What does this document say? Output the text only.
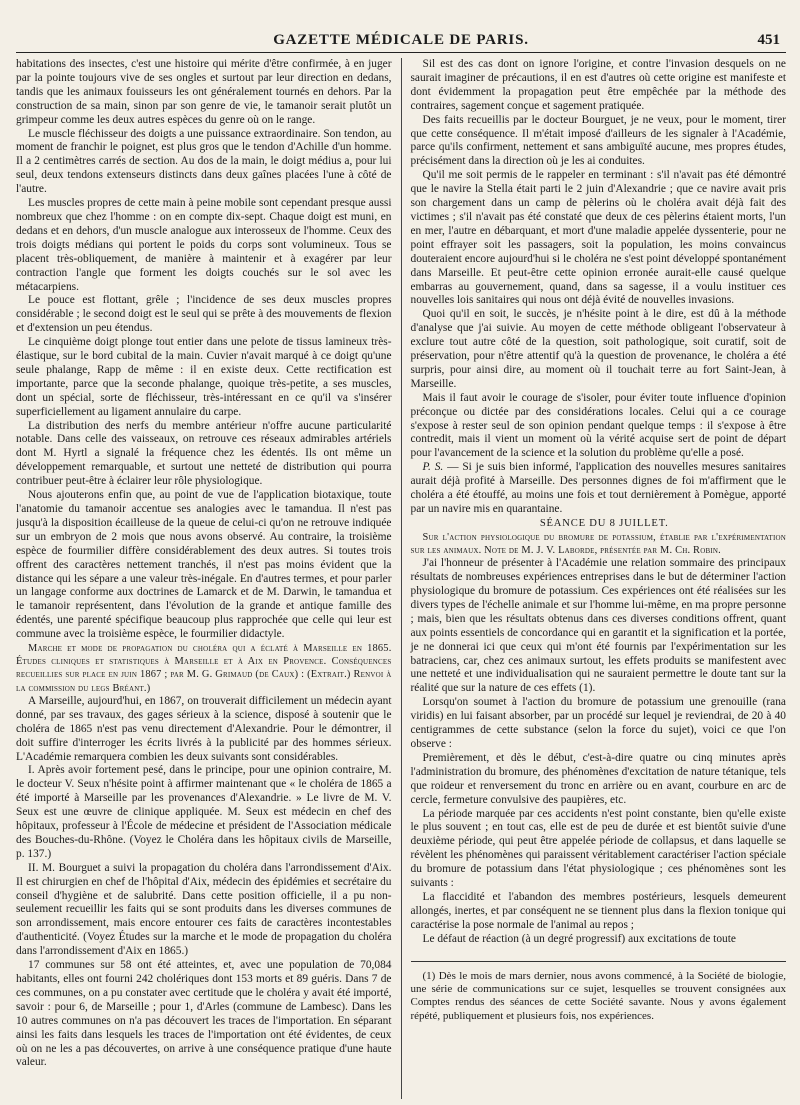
GAZETTE MÉDICALE DE PARIS.	451

habitations des insectes, c'est une histoire qui mérite d'être confirmée, à en juger par la pointe toujours vive de ses ongles et surtout par leur direction en dedans, tandis que les animaux fouisseurs les ont généralement tournés en dehors. Par la construction de sa main, sinon par son genre de vie, le tamanoir serait plutôt un grimpeur comme les deux autres espèces du genre où on le range.

Le muscle fléchisseur des doigts a une puissance extraordinaire. Son tendon, au moment de franchir le poignet, est plus gros que le tendon d'Achille d'un homme. Il a 2 centimètres carrés de section. Au dos de la main, le doigt médius a, pour lui seul, deux tendons extenseurs distincts dans deux gaînes placées l'une à côté de l'autre.

Les muscles propres de cette main à peine mobile sont cependant presque aussi nombreux que chez l'homme : on en compte dix-sept. Chaque doigt est muni, en dedans et en dehors, d'un muscle analogue aux interosseux de l'homme. Ceux des trois doigts médians qui portent le poids du corps sont volumineux. Tous se placent très-obliquement, de manière à maintenir et à exagérer par leur contraction l'angle que forment les doigts couchés sur le sol avec les métacarpiens.

Le pouce est flottant, grêle ; l'incidence de ses deux muscles propres considérable ; le second doigt est le seul qui se prête à des mouvements de flexion et d'extension un peu étendus.

Le cinquième doigt plonge tout entier dans une pelote de tissus lamineux très-élastique, sur le bord cubital de la main. Cuvier n'avait marqué à ce doigt qu'une seule phalange, Rapp de même : il en existe deux. Cette rectification est importante, parce que la seconde phalange, quoique très-petite, a ses muscles, dont un spécial, sorte de fléchisseur, très-intéressant en ce qu'il va s'insérer superficiellement au ligament annulaire du carpe.

La distribution des nerfs du membre antérieur n'offre aucune particularité notable. Dans celle des vaisseaux, on retrouve ces réseaux admirables artériels dont M. Hyrtl a signalé la fréquence chez les édentés. Ils ont même un développement remarquable, et surtout une netteté de distribution qui pourra contribuer peut-être à éclairer leur rôle physiologique.

Nous ajouterons enfin que, au point de vue de l'application biotaxique, toute l'anatomie du tamanoir accentue ses analogies avec le tamandua. Il n'est pas jusqu'à la disposition écailleuse de la queue de celui-ci qu'on ne retrouve indiquée sur un embryon de 2 mois que nous avons observé. Au contraire, la troisième espèce de fourmilier diffère considérablement des deux autres. Si toutes trois offrent des caractères nettement tranchés, il n'est pas moins évident que la distance qui les sépare a une valeur très-inégale. En d'autres termes, et pour parler un langage conforme aux doctrines de Lamarck et de M. Darwin, le tamandua et le tamanoir représentent, dans l'évolution de la grande et antique famille des édentés, une parenté spécifique beaucoup plus rapprochée que celle qui leur est commune avec la troisième espèce, le fourmilier didactyle.

Marche et mode de propagation du choléra qui a éclaté à Marseille en 1865. Études cliniques et statistiques à Marseille et à Aix en Provence. Conséquences recueillies sur place en juin 1867 ; par M. G. Grimaud (de Caux) : (Extrait.) Renvoi à la commission du legs Bréant.)

A Marseille, aujourd'hui, en 1867, on trouverait difficilement un médecin ayant donné, par ses travaux, des gages sérieux à la science, disposé à soutenir que le choléra de 1865 n'est pas venu directement d'Alexandrie. Pour le démontrer, il doit suffire d'interroger les écrits livrés à la publicité par des hommes sérieux. L'Académie remarquera combien les deux suivants sont considérables.

I. Après avoir fortement pesé, dans le principe, pour une opinion contraire, M. le docteur V. Seux n'hésite point à affirmer maintenant que « le choléra de 1865 a été importé à Marseille par les provenances d'Alexandrie. » Le livre de M. V. Seux est une œuvre de clinique appliquée. M. Seux est médecin en chef des hôpitaux, professeur à l'École de médecine et président de l'Association médicale des Bouches-du-Rhône. (Voyez le Choléra dans les hôpitaux civils de Marseille, p. 137.)

II. M. Bourguet a suivi la propagation du choléra dans l'arrondissement d'Aix. Il est chirurgien en chef de l'hôpital d'Aix, médecin des épidémies et secrétaire du conseil d'hygiène et de salubrité. Dans cette position officielle, il a pu non-seulement recueillir les faits qui se sont produits dans les diverses communes de son arrondissement, mais encore entourer ces faits de caractères incontestables d'authenticité. (Voyez Études sur la marche et le mode de propagation du choléra dans l'arrondissement d'Aix en 1865.)

17 communes sur 58 ont été atteintes, et, avec une population de 70,084 habitants, elles ont fourni 242 cholériques dont 153 morts et 89 guéris. Dans 7 de ces communes, on a pu constater avec certitude que le choléra y avait été importé, savoir : pour 6, de Marseille ; pour 1, d'Arles (commune de Lambesc). Dans les 10 autres communes on n'a pas découvert les traces de l'importation. En séparant ainsi les faits dans lesquels les traces de l'importation ont été évidentes, de ceux où on ne les a pas découvertes, on arrive à une conséquence pratique d'une haute valeur.

Sil est des cas dont on ignore l'origine, et contre l'invasion desquels on ne saurait imaginer de précautions, il en est d'autres où cette origine est manifeste et dont évidemment la propagation peut être empêchée par la méthode des contraires, sagement conçue et sagement pratiquée.

Des faits recueillis par le docteur Bourguet, je ne veux, pour le moment, tirer que cette conséquence. Il m'était imposé d'ailleurs de les signaler à l'Académie, parce qu'ils confirment, nettement et sans ambiguïté aucune, mes propres études, précisément dans la direction où je les ai conduites.

Qu'il me soit permis de le rappeler en terminant : s'il n'avait pas été démontré que le navire la Stella était parti le 2 juin d'Alexandrie ; que ce navire avait pris son chargement dans un camp de pèlerins où le choléra avait déjà fait des victimes ; s'il n'avait pas été constaté que deux de ces pèlerins étaient morts, l'un en mer, l'autre en débarquant, et mort d'une maladie appelée dyssenterie, pour ne point effrayer soit les passagers, soit la population, les moins convaincus douteraient encore aujourd'hui si le choléra ne s'est point développé spontanément dans Marseille. Et peut-être cette opinion erronée aurait-elle causé quelque embarras au gouvernement, quand, dans sa sagesse, il a voulu instituer ces nouvelles lois sanitaires qui nous ont déjà évité de nouvelles invasions.

Quoi qu'il en soit, le succès, je n'hésite point à le dire, est dû à la méthode d'analyse que j'ai suivie. Au moyen de cette méthode obligeant l'observateur à exclure tout autre côté de la question, soit pathologique, soit curatif, soit de préservation, pour n'être attentif qu'à la question de provenance, le choléra a été surpris, pour ainsi dire, au moment où il touchait terre au fort Saint-Jean, à Marseille.

Mais il faut avoir le courage de s'isoler, pour éviter toute influence d'opinion préconçue ou dictée par des considérations locales. Celui qui a ce courage s'expose à rester seul de son opinion pendant quelque temps : il s'expose à être contredit, mais il vient un moment où la vérité acquise sert de point de départ pour l'avancement de la science et la solution du problème qu'elle a posé.

P. S. — Si je suis bien informé, l'application des nouvelles mesures sanitaires aurait déjà profité à Marseille. Des personnes dignes de foi m'affirment que le choléra a été étouffé, au moins une fois et tout dernièrement à Pomègue, apporté par un navire mis en quarantaine.

SÉANCE DU 8 JUILLET.

Sur l'action physiologique du bromure de potassium, établie par l'expérimentation sur les animaux. Note de M. J. V. Laborde, présentée par M. Ch. Robin.

J'ai l'honneur de présenter à l'Académie une relation sommaire des principaux résultats de nombreuses expériences entreprises dans le but de déterminer l'action physiologique du bromure de potassium. Ces expériences ont été réalisées sur les divers types de l'échelle animale et sur l'homme lui-même, en ma propre personne ; mais, bien que les résultats obtenus dans ces diverses conditions offrent, quant aux points essentiels de concordance qui en garantit et la signification et la portée, je ne donnerai ici que ceux qui m'ont été fournis par l'expérimentation sur les batraciens, car, chez ces animaux surtout, les effets produits se manifestent avec une netteté et une individualisation qui ne sauraient permettre le doute tant sur la réalité que sur la nature de ces effets (1).

Lorsqu'on soumet à l'action du bromure de potassium une grenouille (rana viridis) en lui faisant absorber, par un procédé sur lequel je reviendrai, de 20 à 40 centigrammes de cette substance (selon la force du sujet), voici ce que l'on observe :

Premièrement, et dès le début, c'est-à-dire quatre ou cinq minutes après l'administration du bromure, des phénomènes d'excitation de nature tétanique, tels que roideur et renversement du tronc en arrière ou en avant, courbure en arc de cercle, fermeture convulsive des paupières, etc.

La période marquée par ces accidents n'est point constante, bien qu'elle existe le plus souvent ; en tout cas, elle est de peu de durée et est bientôt suivie d'une deuxième période, qui peut être appelée période de collapsus, et dans laquelle se révèlent les phénomènes qui paraissent véritablement caractériser l'action spéciale du bromure de potassium dans l'état physiologique ; ces phénomènes sont les suivants :

La flaccidité et l'abandon des membres postérieurs, lesquels demeurent allongés, inertes, et par conséquent ne se tiennent plus dans la flexion tonique qui caractérise la pose normale de l'animal au repos ;

Le défaut de réaction (à un degré progressif) aux excitations de toute

(1) Dès le mois de mars dernier, nous avons commencé, à la Société de biologie, une série de communications sur ce sujet, lesquelles se trouvent consignées aux Comptes rendus des séances de cette Société savante. Nous y avons également répété, publiquement et plusieurs fois, nos expériences.
